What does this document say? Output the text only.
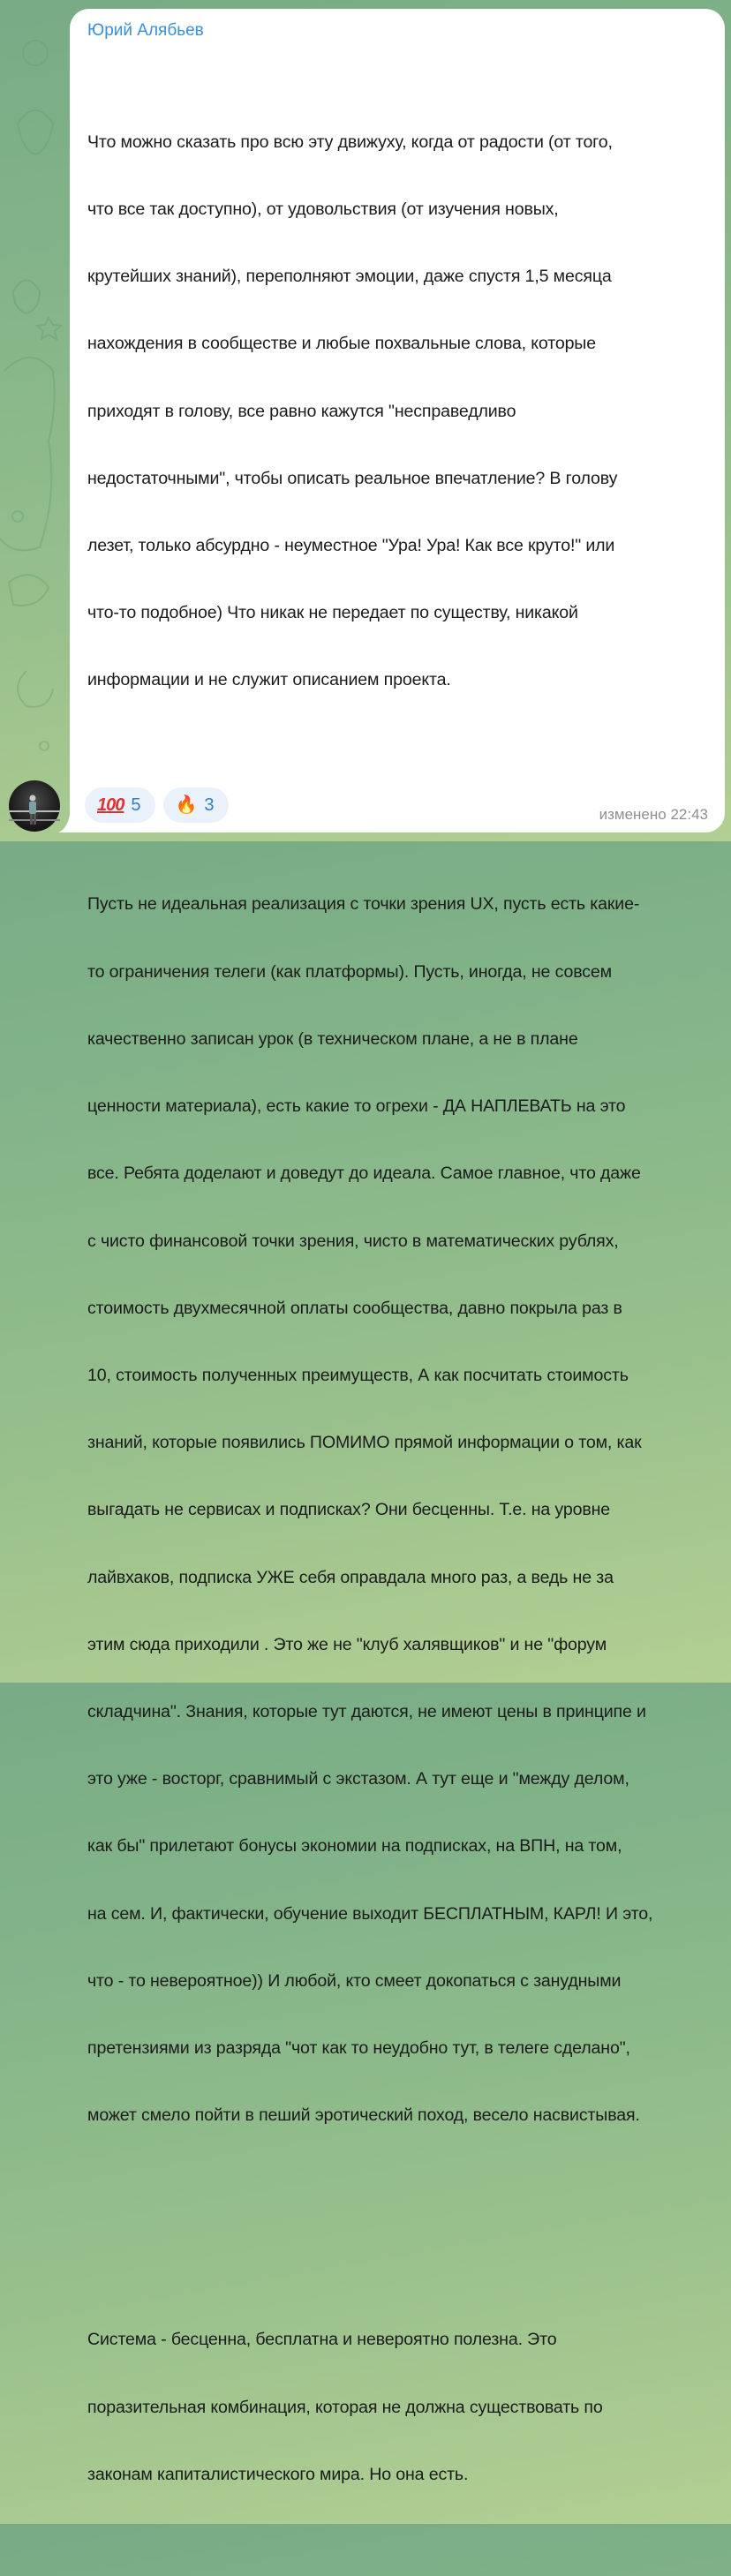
Юрий Алябьев

Что можно сказать про всю эту движуху, когда от радости (от того,

что все так доступно), от удовольствия (от изучения новых,

крутейших знаний), переполняют эмоции, даже спустя 1,5 месяца

нахождения в сообществе и любые похвальные слова, которые

приходят в голову, все равно кажутся "несправедливо

недостаточными", чтобы описать реальное впечатление? В голову

лезет, только абсурдно - неуместное "Ура! Ура! Как все круто!" или

что-то подобное) Что никак не передает по существу, никакой

информации и не служит описанием проекта.

Пусть не идеальная реализация с точки зрения UX, пусть есть какие-

то ограничения телеги (как платформы). Пусть, иногда, не совсем

качественно записан урок (в техническом плане, а не в плане

ценности материала), есть какие то огрехи - ДА НАПЛЕВАТЬ на это

все. Ребята доделают и доведут до идеала. Самое главное, что даже

с чисто финансовой точки зрения, чисто в математических рублях,

стоимость двухмесячной оплаты сообщества, давно покрыла раз в

10, стоимость полученных преимуществ, А как посчитать стоимость

знаний, которые появились ПОМИМО прямой информации о том, как

выгадать не сервисах и подписках? Они бесценны. Т.е. на уровне

лайвхаков, подписка УЖЕ себя оправдала много раз, а ведь не за

этим сюда приходили . Это же не "клуб халявщиков" и не "форум

складчина". Знания, которые тут даются, не имеют цены в принципе и

это уже - восторг, сравнимый с экстазом. А тут еще и "между делом,

как бы" прилетают бонусы экономии на подписках, на ВПН, на том,

на сем. И, фактически, обучение выходит БЕСПЛАТНЫМ, КАРЛ! И это,

что - то невероятное)) И любой, кто смеет докопаться с занудными

претензиями из разряда "чот как то неудобно тут, в телеге сделано",

может смело пойти в пеший эротический поход, весело насвистывая.

Система - бесценна, бесплатна и невероятно полезна. Это

поразительная комбинация, которая не должна существовать по

законам капиталистического мира. Но она есть.

100 5 🔥 3	изменено 22:43
